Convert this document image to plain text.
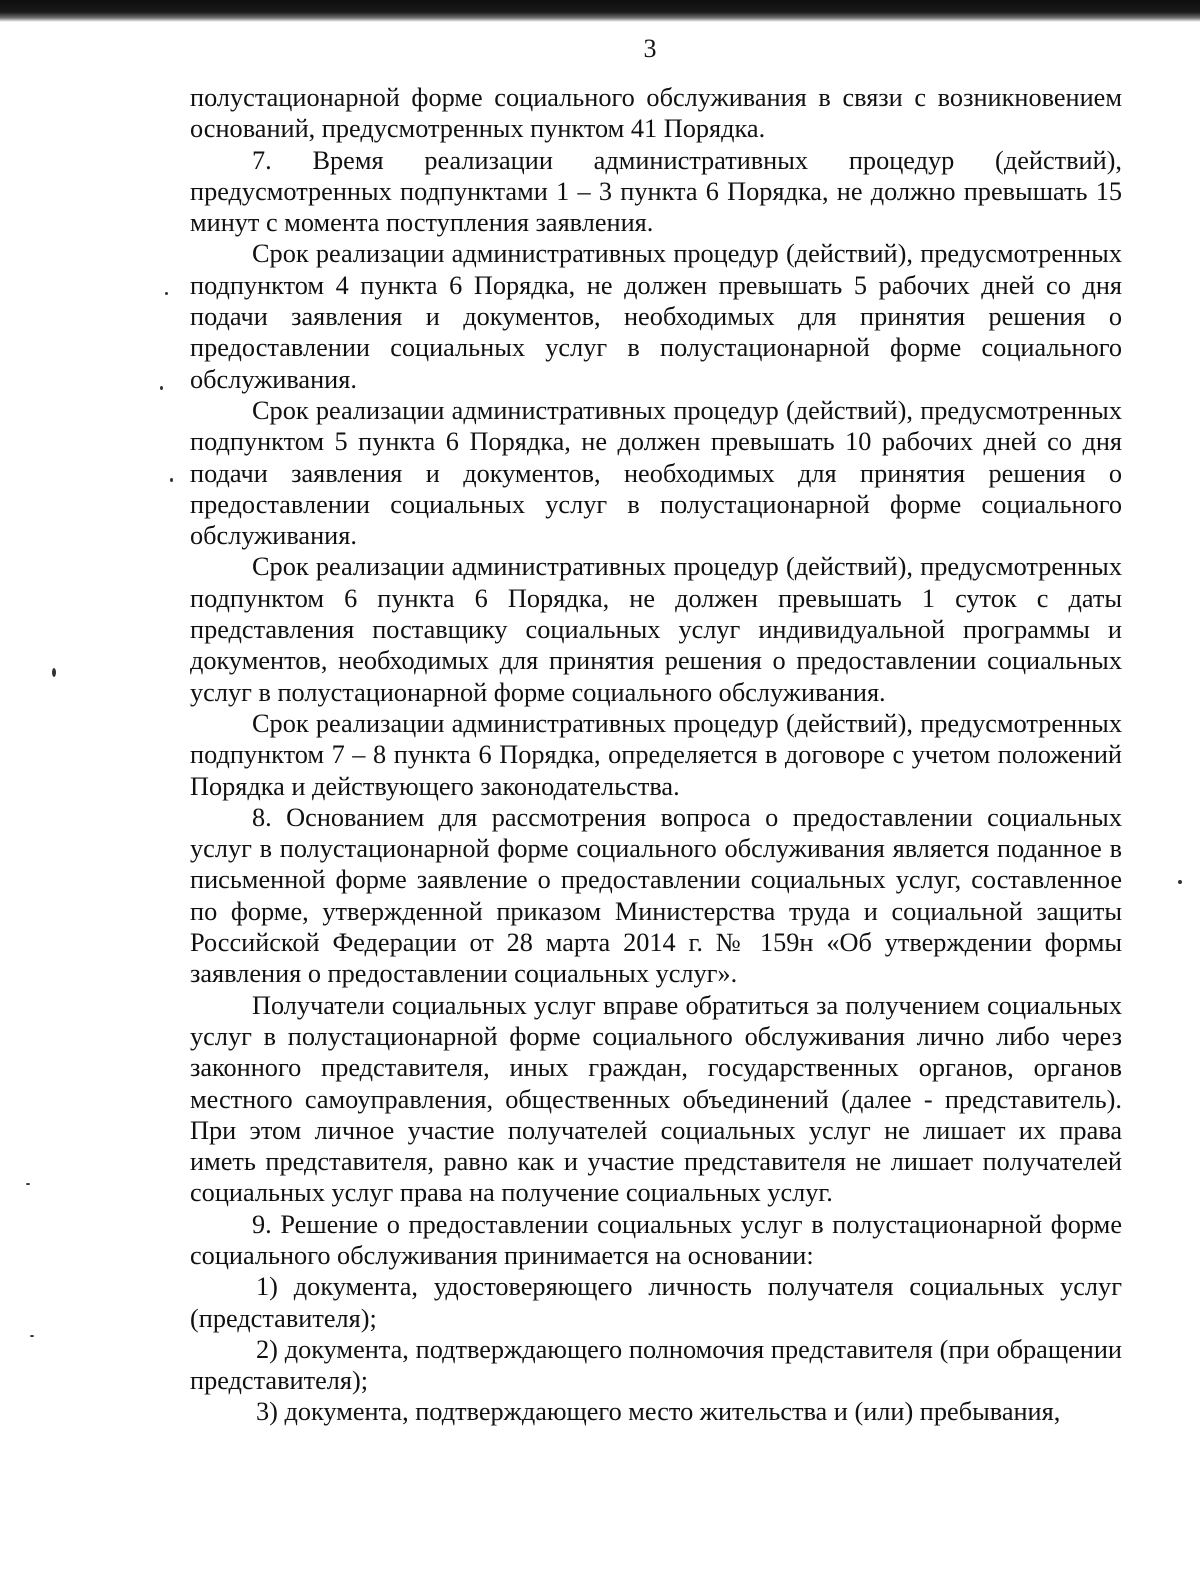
3

полустационарной форме социального обслуживания в связи с возникновением оснований, предусмотренных пунктом 41 Порядка.

7. Время реализации административных процедур (действий), предусмотренных подпунктами 1 – 3 пункта 6 Порядка, не должно превышать 15 минут с момента поступления заявления.

Срок реализации административных процедур (действий), предусмотренных подпунктом 4 пункта 6 Порядка, не должен превышать 5 рабочих дней со дня подачи заявления и документов, необходимых для принятия решения о предоставлении социальных услуг в полустационарной форме социального обслуживания.

Срок реализации административных процедур (действий), предусмотренных подпунктом 5 пункта 6 Порядка, не должен превышать 10 рабочих дней со дня подачи заявления и документов, необходимых для принятия решения о предоставлении социальных услуг в полустационарной форме социального обслуживания.

Срок реализации административных процедур (действий), предусмотренных подпунктом 6 пункта 6 Порядка, не должен превышать 1 суток с даты представления поставщику социальных услуг индивидуальной программы и документов, необходимых для принятия решения о предоставлении социальных услуг в полустационарной форме социального обслуживания.

Срок реализации административных процедур (действий), предусмотренных подпунктом 7 – 8 пункта 6 Порядка, определяется в договоре с учетом положений Порядка и действующего законодательства.

8. Основанием для рассмотрения вопроса о предоставлении социальных услуг в полустационарной форме социального обслуживания является поданное в письменной форме заявление о предоставлении социальных услуг, составленное по форме, утвержденной приказом Министерства труда и социальной защиты Российской Федерации от 28 марта 2014 г. № 159н «Об утверждении формы заявления о предоставлении социальных услуг».

Получатели социальных услуг вправе обратиться за получением социальных услуг в полустационарной форме социального обслуживания лично либо через законного представителя, иных граждан, государственных органов, органов местного самоуправления, общественных объединений (далее - представитель). При этом личное участие получателей социальных услуг не лишает их права иметь представителя, равно как и участие представителя не лишает получателей социальных услуг права на получение социальных услуг.

9. Решение о предоставлении социальных услуг в полустационарной форме социального обслуживания принимается на основании:

1) документа, удостоверяющего личность получателя социальных услуг (представителя);

2) документа, подтверждающего полномочия представителя (при обращении представителя);

3) документа, подтверждающего место жительства и (или) пребывания,
